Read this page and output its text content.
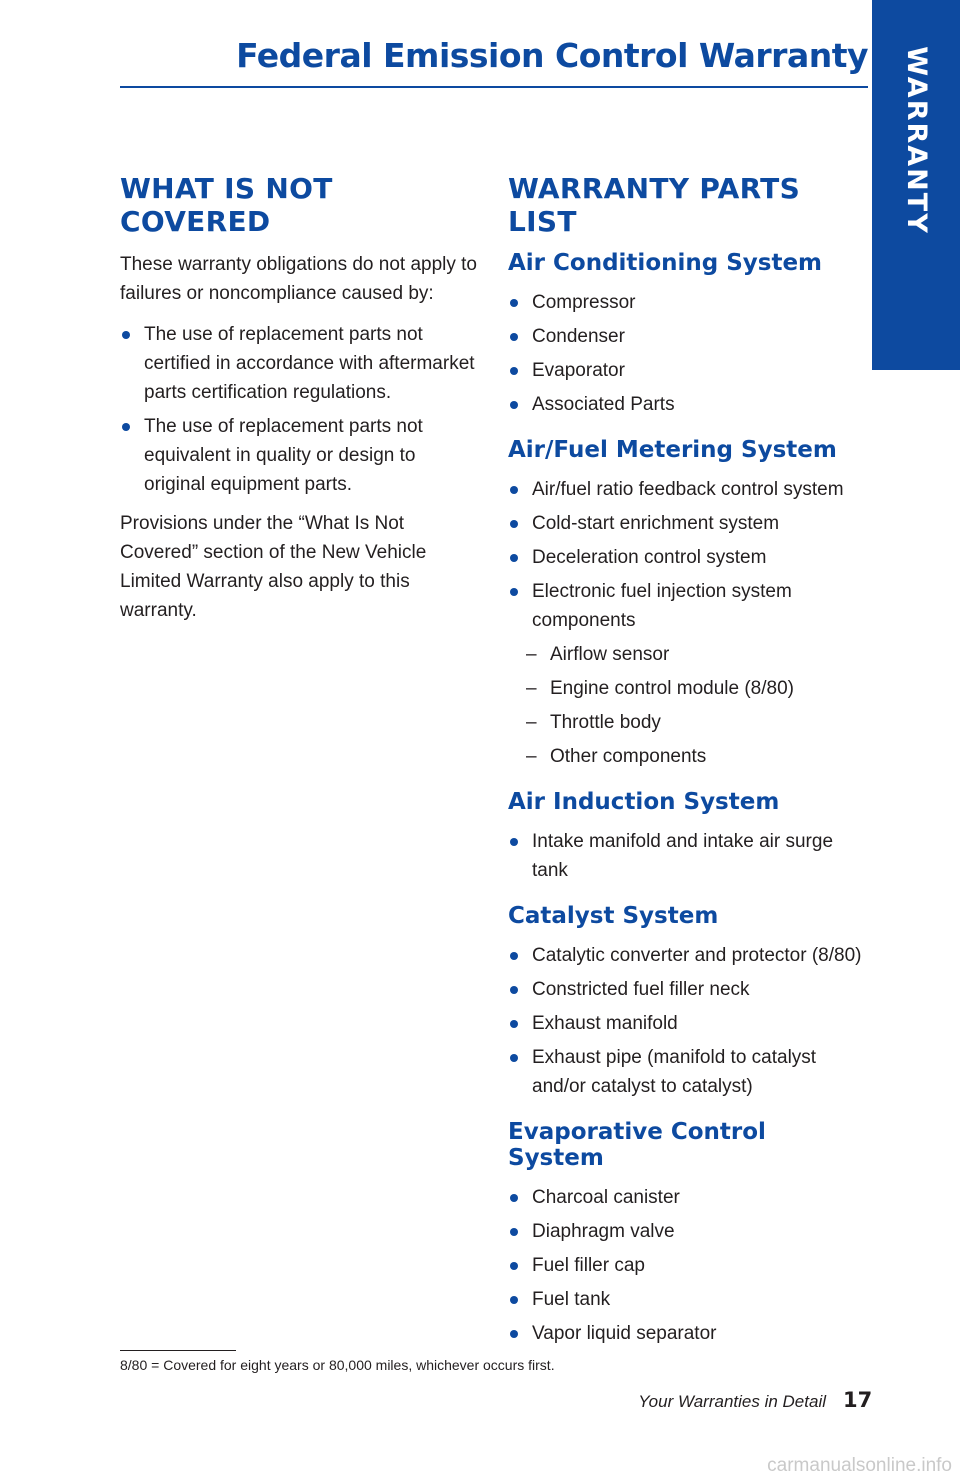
Federal Emission Control Warranty WARRANTY
WHAT IS NOT COVERED

These warranty obligations do not apply to failures or noncompliance caused by:

The use of replacement parts not certified in accordance with aftermarket parts certification regulations.
The use of replacement parts not equivalent in quality or design to original equipment parts.

Provisions under the “What Is Not Covered” section of the New Vehicle Limited Warranty also apply to this warranty.

WARRANTY PARTS LIST
Air Conditioning System
Compressor
Condenser
Evaporator
Associated Parts
Air/Fuel Metering System
Air/fuel ratio feedback control system
Cold-start enrichment system
Deceleration control system
Electronic fuel injection system components
– Airflow sensor
– Engine control module (8/80)
– Throttle body
– Other components
Air Induction System
Intake manifold and intake air surge tank
Catalyst System
Catalytic converter and protector (8/80)
Constricted fuel filler neck
Exhaust manifold
Exhaust pipe (manifold to catalyst and/or catalyst to catalyst)
Evaporative Control System
Charcoal canister
Diaphragm valve
Fuel filler cap
Fuel tank
Vapor liquid separator
8/80 = Covered for eight years or 80,000 miles, whichever occurs first.
Your Warranties in Detail 17
carmanualsonline.info
